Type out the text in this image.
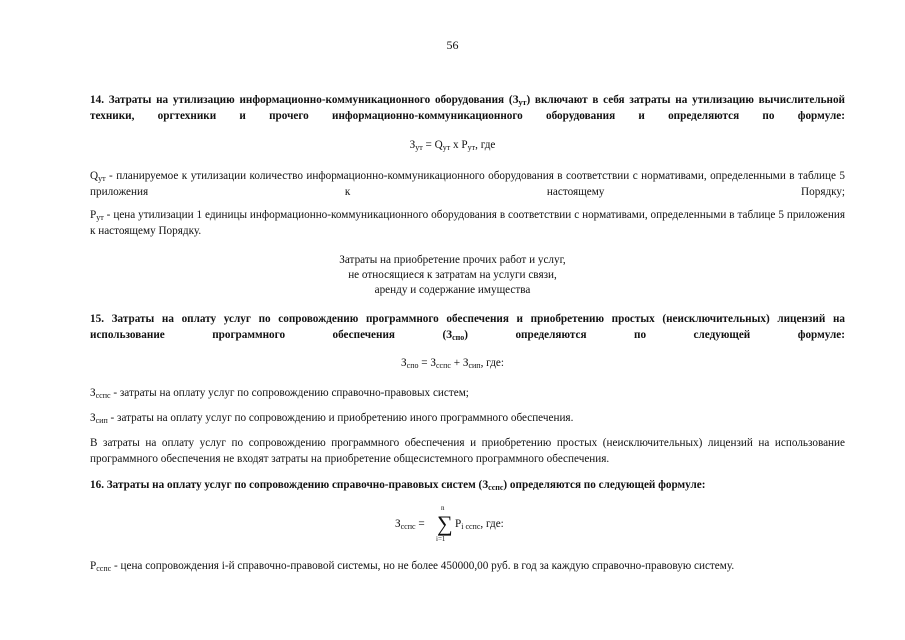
56
14. Затраты на утилизацию информационно-коммуникационного оборудования $(З_{ут})$ включают в себя затраты на утилизацию вычислительной техники, оргтехники и прочего информационно-коммуникационного оборудования и определяются по формуле:
$З_{ут} = Q_{ут}$ х $Р_{ут}$, где
$Q_{ут}$ - планируемое к утилизации количество информационно-коммуникационного оборудования в соответствии с нормативами, определенными в таблице 5 приложения к настоящему Порядку;
$Р_{ут}$ - цена утилизации 1 единицы информационно-коммуникационного оборудования в соответствии с нормативами, определенными в таблице 5 приложения к настоящему Порядку.
Затраты на приобретение прочих работ и услуг,
не относящиеся к затратам на услуги связи,
аренду и содержание имущества
15. Затраты на оплату услуг по сопровождению программного обеспечения и приобретению простых (неисключительных) лицензий на использование программного обеспечения $(З_{спо})$ определяются по следующей формуле:
$З_{спо} = З_{сспс} + З_{сип}$, где:
$З_{сспс}$ - затраты на оплату услуг по сопровождению справочно-правовых систем;
$З_{сип}$ - затраты на оплату услуг по сопровождению и приобретению иного программного обеспечения.
В затраты на оплату услуг по сопровождению программного обеспечения и приобретению простых (неисключительных) лицензий на использование программного обеспечения не входят затраты на приобретение общесистемного программного обеспечения.
16. Затраты на оплату услуг по сопровождению справочно-правовых систем $(З_{сспс})$ определяются по следующей формуле:
$З_{сспс}$ =
n
∑
i=1
$P_{i сспс}$, где:
$Р_{сспс}$ - цена сопровождения i-й справочно-правовой системы, но не более 450000,00 руб. в год за каждую справочно-правовую систему.
